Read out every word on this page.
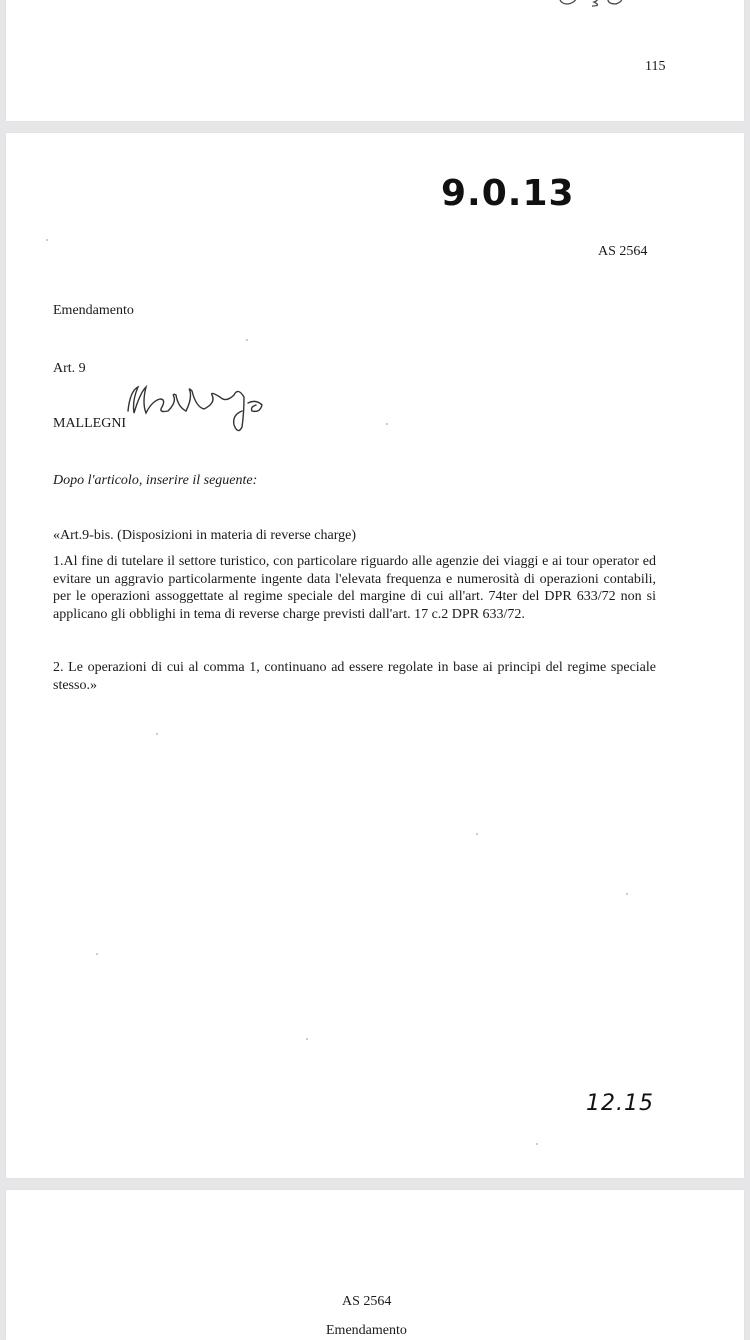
115
9.0.13
AS 2564
Emendamento
Art. 9
MALLEGNI
Dopo l'articolo, inserire il seguente:
«Art.9-bis. (Disposizioni in materia di reverse charge)
1.Al fine di tutelare il settore turistico, con particolare riguardo alle agenzie dei viaggi e ai tour operator ed evitare un aggravio particolarmente ingente data l'elevata frequenza e numerosità di operazioni contabili, per le operazioni assoggettate al regime speciale del margine di cui all'art. 74ter del DPR 633/72 non si applicano gli obblighi in tema di reverse charge previsti dall'art. 17 c.2 DPR 633/72.
2. Le operazioni di cui al comma 1, continuano ad essere regolate in base ai principi del regime speciale stesso.»
12.15
AS 2564
Emendamento
